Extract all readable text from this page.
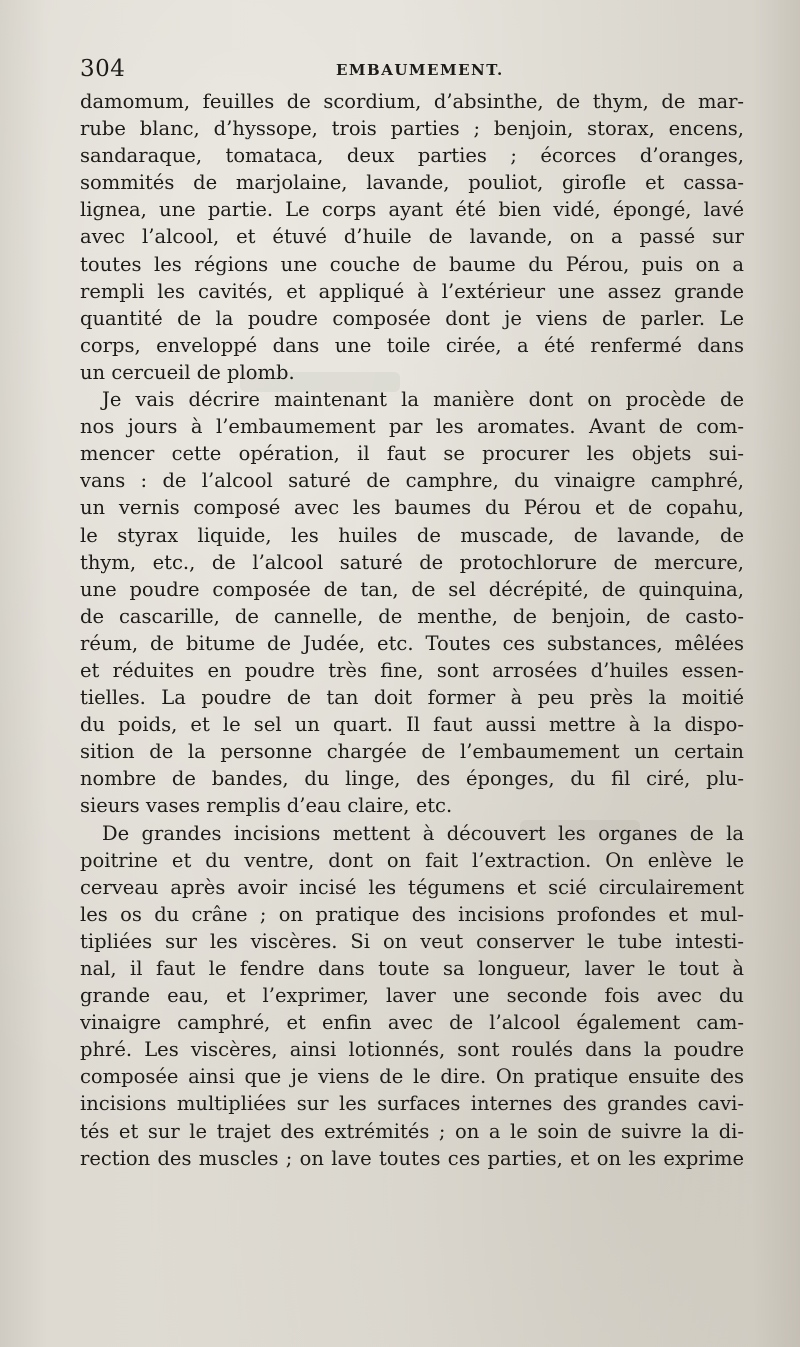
304	EMBAUMEMENT.
damomum, feuilles de scordium, d’absinthe, de thym, de mar-
rube blanc, d’hyssope, trois parties ; benjoin, storax, encens,
sandaraque, tomataca, deux parties ; écorces d’oranges,
sommités de marjolaine, lavande, pouliot, girofle et cassa-
lignea, une partie. Le corps ayant été bien vidé, épongé, lavé
avec l’alcool, et étuvé d’huile de lavande, on a passé sur
toutes les régions une couche de baume du Pérou, puis on a
rempli les cavités, et appliqué à l’extérieur une assez grande
quantité de la poudre composée dont je viens de parler. Le
corps, enveloppé dans une toile cirée, a été renfermé dans
un cercueil de plomb.
Je vais décrire maintenant la manière dont on procède de
nos jours à l’embaumement par les aromates. Avant de com-
mencer cette opération, il faut se procurer les objets sui-
vans : de l’alcool saturé de camphre, du vinaigre camphré,
un vernis composé avec les baumes du Pérou et de copahu,
le styrax liquide, les huiles de muscade, de lavande, de
thym, etc., de l’alcool saturé de protochlorure de mercure,
une poudre composée de tan, de sel décrépité, de quinquina,
de cascarille, de cannelle, de menthe, de benjoin, de casto-
réum, de bitume de Judée, etc. Toutes ces substances, mêlées
et réduites en poudre très fine, sont arrosées d’huiles essen-
tielles. La poudre de tan doit former à peu près la moitié
du poids, et le sel un quart. Il faut aussi mettre à la dispo-
sition de la personne chargée de l’embaumement un certain
nombre de bandes, du linge, des éponges, du fil ciré, plu-
sieurs vases remplis d’eau claire, etc.
De grandes incisions mettent à découvert les organes de la
poitrine et du ventre, dont on fait l’extraction. On enlève le
cerveau après avoir incisé les tégumens et scié circulairement
les os du crâne ; on pratique des incisions profondes et mul-
tipliées sur les viscères. Si on veut conserver le tube intesti-
nal, il faut le fendre dans toute sa longueur, laver le tout à
grande eau, et l’exprimer, laver une seconde fois avec du
vinaigre camphré, et enfin avec de l’alcool également cam-
phré. Les viscères, ainsi lotionnés, sont roulés dans la poudre
composée ainsi que je viens de le dire. On pratique ensuite des
incisions multipliées sur les surfaces internes des grandes cavi-
tés et sur le trajet des extrémités ; on a le soin de suivre la di-
rection des muscles ; on lave toutes ces parties, et on les exprime
